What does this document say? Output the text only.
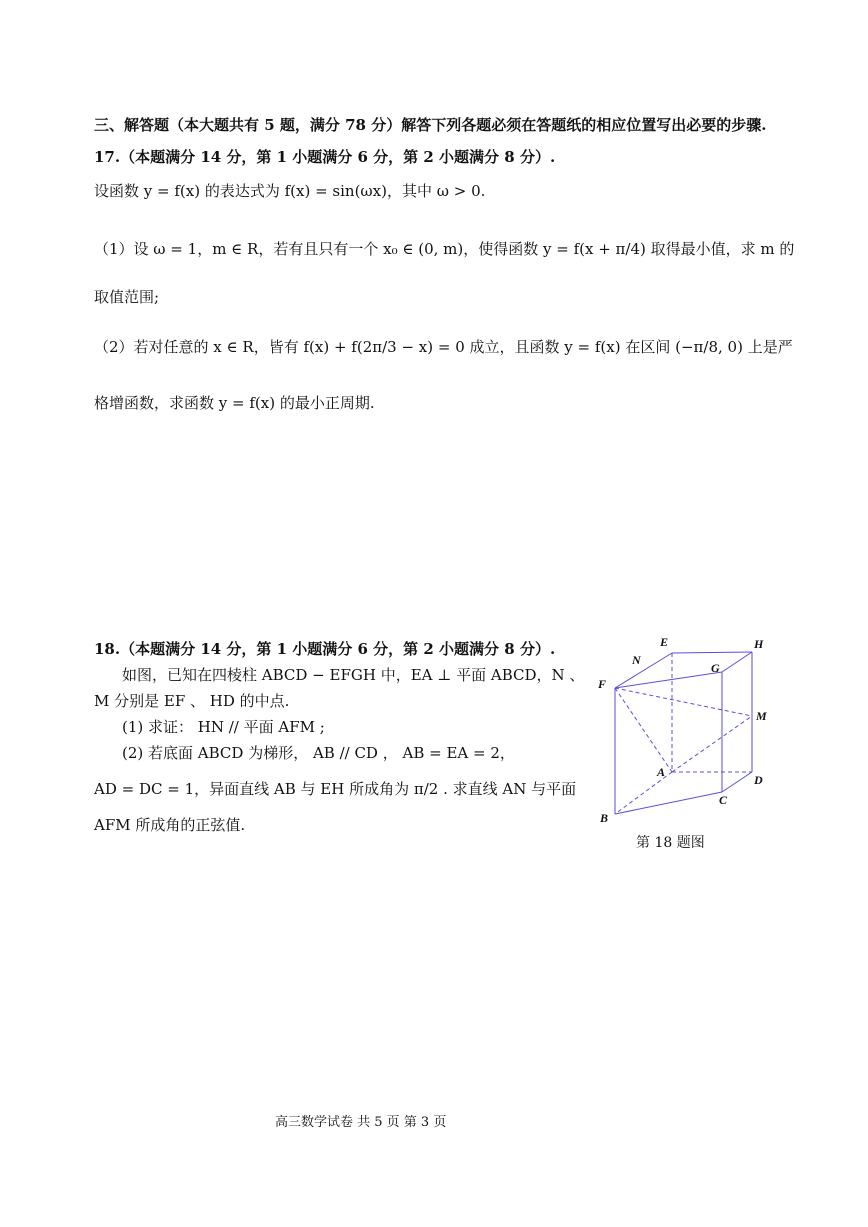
三、解答题（本大题共有 5 题，满分 78 分）解答下列各题必须在答题纸的相应位置写出必要的步骤.
17.（本题满分 14 分，第 1 小题满分 6 分，第 2 小题满分 8 分）.
设函数 y = f(x) 的表达式为 f(x) = sin(ωx)，其中 ω > 0.
（1）设 ω = 1，m ∈ R，若有且只有一个 x₀ ∈ (0, m)，使得函数 y = f(x + π/4) 取得最小值，求 m 的
取值范围;
（2）若对任意的 x ∈ R，皆有 f(x) + f(2π/3 − x) = 0 成立，且函数 y = f(x) 在区间 (−π/8, 0) 上是严
格增函数，求函数 y = f(x) 的最小正周期.
18.（本题满分 14 分，第 1 小题满分 6 分，第 2 小题满分 8 分）.
如图，已知在四棱柱 ABCD − EFGH 中，EA ⊥ 平面 ABCD，N 、
M 分别是 EF 、 HD 的中点.
(1) 求证： HN // 平面 AFM ;
(2) 若底面 ABCD 为梯形， AB // CD ， AB = EA = 2，
AD = DC = 1，异面直线 AB 与 EH 所成角为 π/2 . 求直线 AN 与平面
AFM 所成角的正弦值.
E
N
G
H
F
M
A
D
C
B
第 18 题图
高三数学试卷 共 5 页 第 3 页
